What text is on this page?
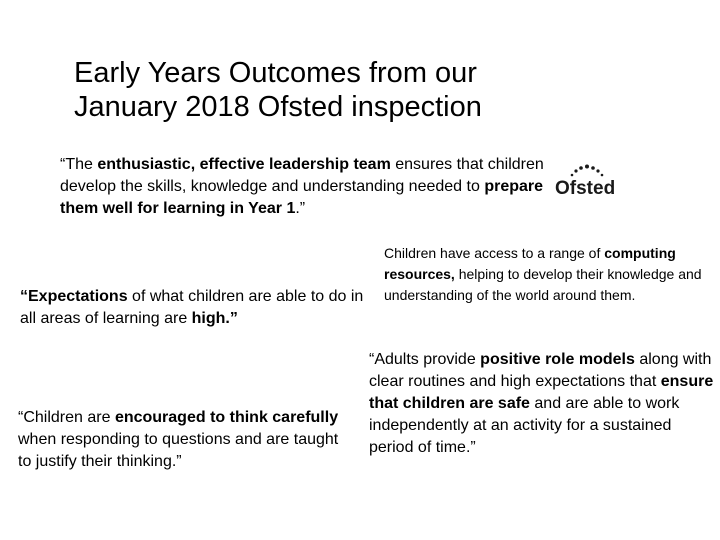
Early Years Outcomes from our
January 2018 Ofsted inspection
“The enthusiastic, effective leadership team ensures that children develop the skills, knowledge and understanding needed to prepare them well for learning in Year 1.”
Ofsted
Children have access to a range of computing resources, helping to develop their knowledge and understanding of the world around them.
“Expectations of what children are able to do in all areas of learning are high.”
“Adults provide positive role models along with clear routines and high expectations that ensure that children are safe and are able to work independently at an activity for a sustained period of time.”
“Children are encouraged to think carefully when responding to questions and are taught to justify their thinking.”
